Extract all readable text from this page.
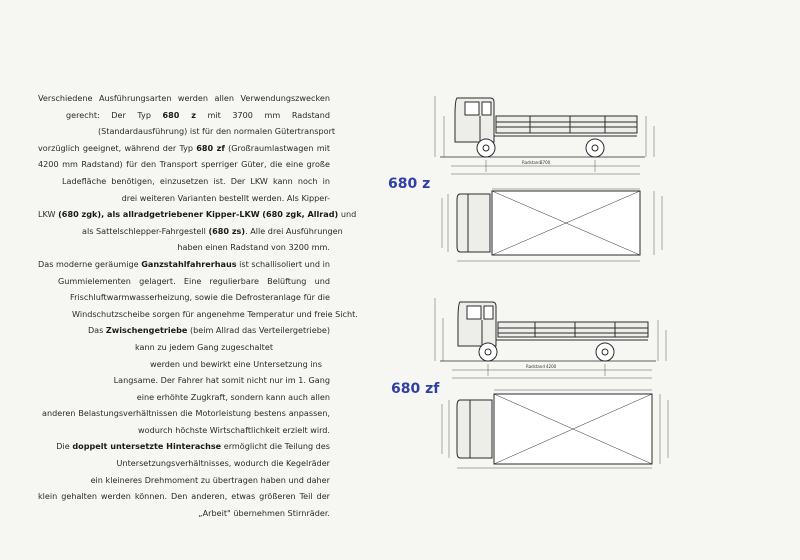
Verschiedene Ausführungsarten werden allen Verwendungszwecken
gerecht: Der Typ 680 z mit 3700 mm Radstand
(Standardausführung) ist für den normalen Gütertransport
vorzüglich geeignet, während der Typ 680 zf (Großraumlastwagen mit
4200 mm Radstand) für den Transport sperriger Güter, die eine große
Ladefläche benötigen, einzusetzen ist. Der LKW kann noch in
drei weiteren Varianten bestellt werden. Als Kipper-
LKW (680 zgk), als allradgetriebener Kipper-LKW (680 zgk, Allrad) und
als Sattelschlepper-Fahrgestell (680 zs). Alle drei Ausführungen
haben einen Radstand von 3200 mm.
Das moderne geräumige Ganzstahlfahrerhaus ist schallisoliert und in
Gummielementen gelagert. Eine regulierbare Belüftung und
Frischluftwarmwasserheizung, sowie die Defrosteranlage für die
Windschutzscheibe sorgen für angenehme Temperatur und freie Sicht.
Das Zwischengetriebe (beim Allrad das Verteilergetriebe)
kann zu jedem Gang zugeschaltet
werden und bewirkt eine Untersetzung ins
Langsame. Der Fahrer hat somit nicht nur im 1. Gang
eine erhöhte Zugkraft, sondern kann auch allen
anderen Belastungsverhältnissen die Motorleistung bestens anpassen,
wodurch höchste Wirtschaftlichkeit erzielt wird.
Die doppelt untersetzte Hinterachse ermöglicht die Teilung des
Untersetzungsverhältnisses, wodurch die Kegelräder
ein kleineres Drehmoment zu übertragen haben und daher
klein gehalten werden können. Den anderen, etwas größeren Teil der
„Arbeit" übernehmen Stirnräder.
680 z
680 zf
Radstand 3700
Radstand 4200
